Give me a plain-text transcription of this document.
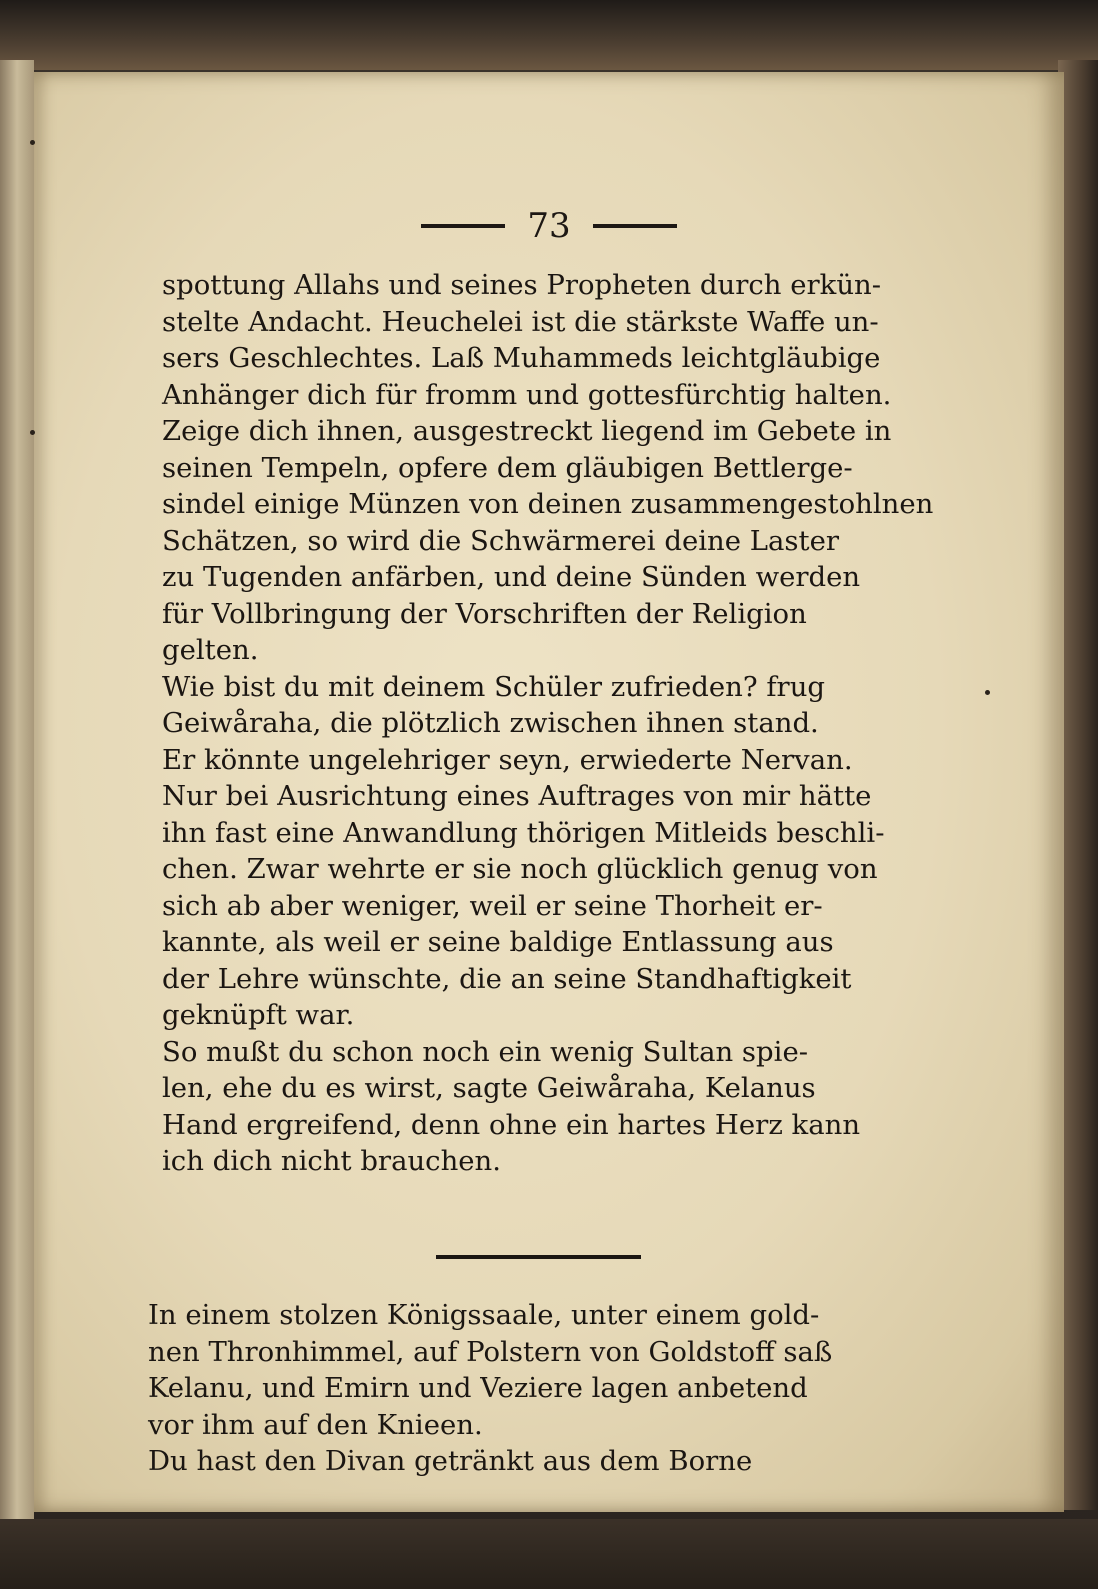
73

spottung Allahs und seines Propheten durch erkün-
stelte Andacht. Heuchelei ist die stärkste Waffe un-
sers Geschlechtes. Laß Muhammeds leichtgläubige
Anhänger dich für fromm und gottesfürchtig halten.
Zeige dich ihnen, ausgestreckt liegend im Gebete in
seinen Tempeln, opfere dem gläubigen Bettlerge-
sindel einige Münzen von deinen zusammengestohlnen
Schätzen, so wird die Schwärmerei deine Laster
zu Tugenden anfärben, und deine Sünden werden
für Vollbringung der Vorschriften der Religion
gelten.

Wie bist du mit deinem Schüler zufrieden? frug
Geiwåraha, die plötzlich zwischen ihnen stand.

Er könnte ungelehriger seyn, erwiederte Nervan.
Nur bei Ausrichtung eines Auftrages von mir hätte
ihn fast eine Anwandlung thörigen Mitleids beschli-
chen. Zwar wehrte er sie noch glücklich genug von
sich ab aber weniger, weil er seine Thorheit er-
kannte, als weil er seine baldige Entlassung aus
der Lehre wünschte, die an seine Standhaftigkeit
geknüpft war.

So mußt du schon noch ein wenig Sultan spie-
len, ehe du es wirst, sagte Geiwåraha, Kelanus
Hand ergreifend, denn ohne ein hartes Herz kann
ich dich nicht brauchen.

In einem stolzen Königssaale, unter einem gold-
nen Thronhimmel, auf Polstern von Goldstoff saß
Kelanu, und Emirn und Veziere lagen anbetend
vor ihm auf den Knieen.

Du hast den Divan getränkt aus dem Borne
